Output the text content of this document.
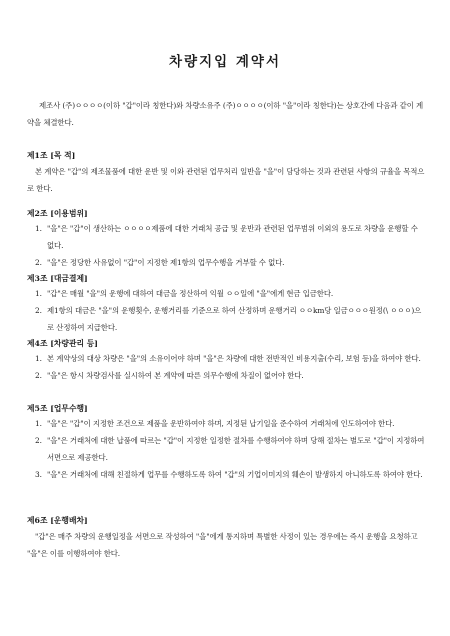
차량지입 계약서
제조사 (주)ㅇㅇㅇㅇ(이하 "갑"이라 칭한다)와 차량소유주 (주)ㅇㅇㅇㅇ(이하 "을"이라 칭한다)는 상호간에 다음과 같이 계약을 체결한다.
제1조 [목 적]
본 계약은 "갑"의 제조물품에 대한 운반 및 이와 관련된 업무처리 일반을 "을"이 담당하는 것과 관련된 사항의 규율을 목적으로 한다.
제2조 [이용범위]
1. "을"은 "갑"이 생산하는 ㅇㅇㅇㅇ제품에 대한 거래처 공급 및 운반과 관련된 업무범위 이외의 용도로 차량을 운행할 수 없다.
2. "을"은 정당한 사유없이 "갑"이 지정한 제1항의 업무수행을 거부할 수 없다.
제3조 [대금결제]
1. "갑"은 매월 "을"의 운행에 대하여 대금을 정산하여 익월 ㅇㅇ일에 "을"에게 현금 입금한다.
2. 제1항의 대금은 "을"의 운행횟수, 운행거리를 기준으로 하여 산정하며 운행거리 ㅇㅇkm당 일금ㅇㅇㅇ원정(\ ㅇㅇㅇ)으로 산정하여 지급한다.
제4조 [차량관리 등]
1. 본 계약상의 대상 차량은 "을"의 소유이어야 하며 "을"은 차량에 대한 전반적인 비용지출(수리, 보험 등)을 하여야 한다.
2. "을"은 항시 차량검사를 실시하여 본 계약에 따른 의무수행에 차질이 없어야 한다.
제5조 [업무수행]
1. "을"은 "갑"이 지정한 조건으로 제품을 운반하여야 하며, 지정된 납기일을 준수하여 거래처에 인도하여야 한다.
2. "을"은 거래처에 대한 납품에 따르는 "갑"이 지정한 일정한 절차를 수행하여야 하며 당해 절차는 별도로 "갑"이 지정하여 서면으로 제공한다.
3. "을"은 거래처에 대해 친절하게 업무를 수행하도록 하여 "갑"의 기업이미지의 훼손이 발생하지 아니하도록 하여야 한다.
제6조 [운행배차]
"갑"은 매주 차량의 운행일정을 서면으로 작성하여 "을"에게 통지하며 특별한 사정이 있는 경우에는 즉시 운행을 요청하고 "을"은 이를 이행하여야 한다.
